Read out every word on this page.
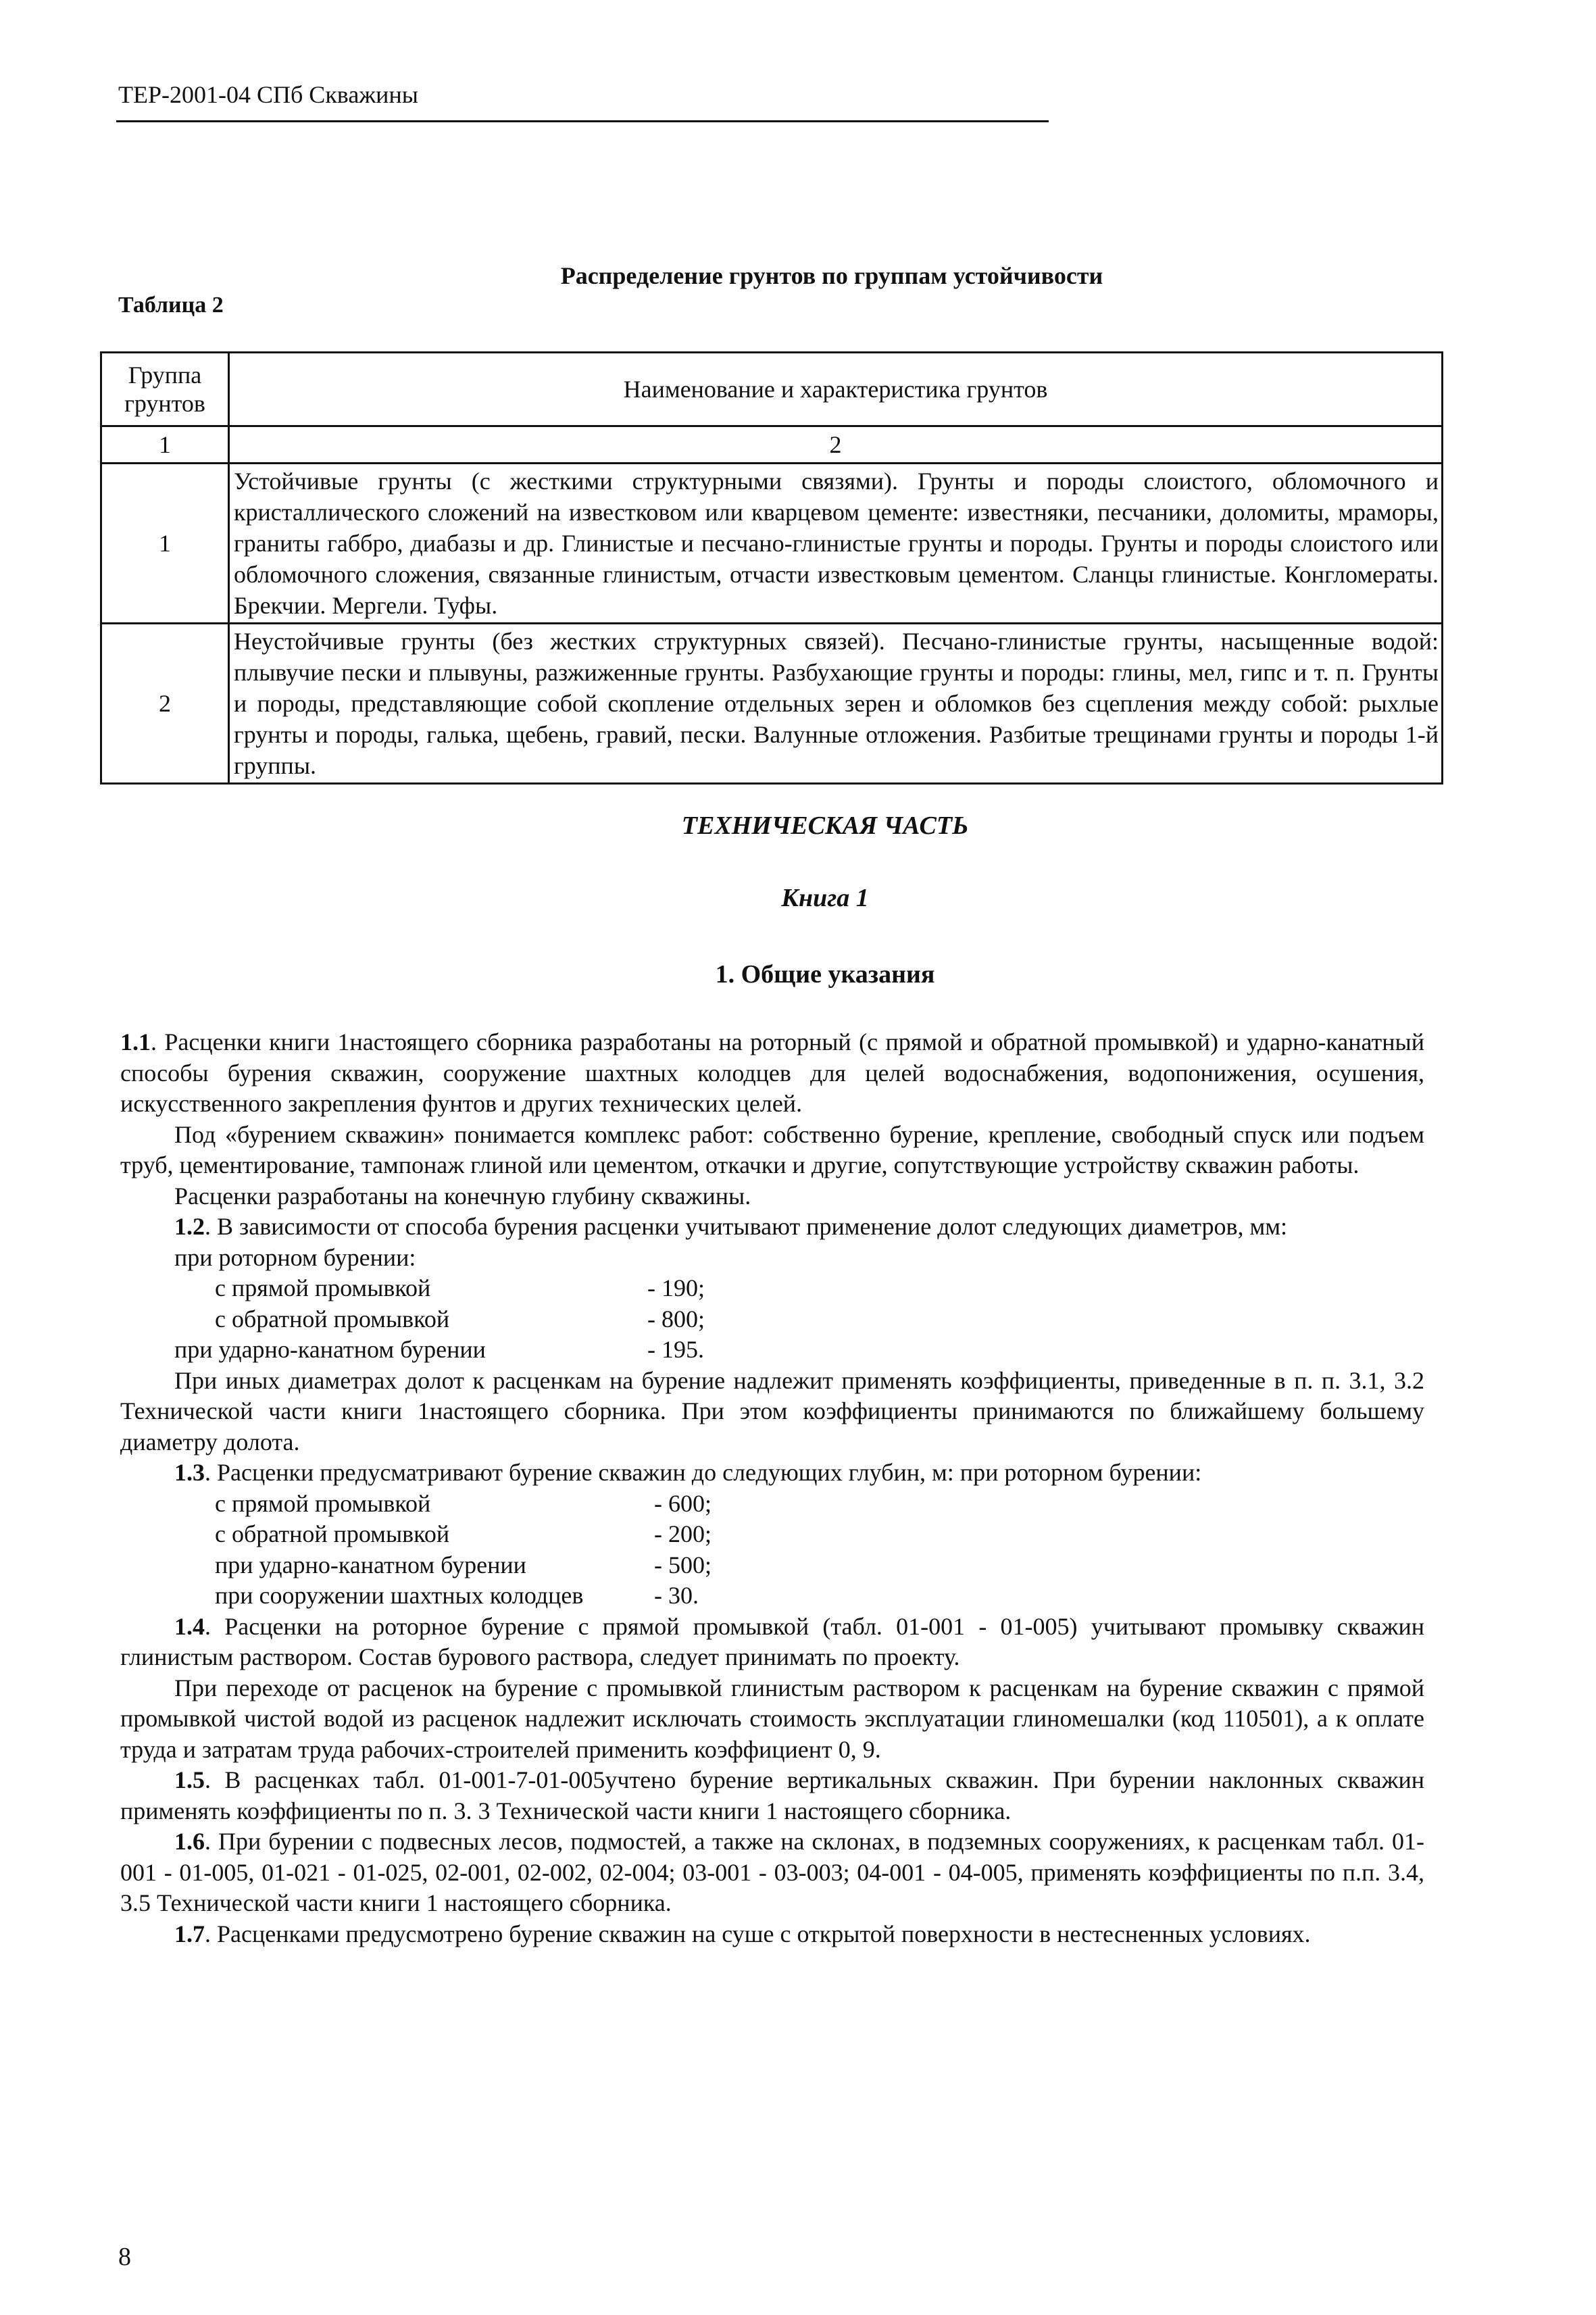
ТЕР-2001-04 СПб Скважины
Распределение грунтов по группам устойчивости
Таблица 2
Группа грунтов	Наименование и характеристика грунтов
1	2
1	Устойчивые грунты (с жесткими структурными связями). Грунты и породы слоистого, обломочного и кристаллического сложений на известковом или кварцевом цементе: известняки, песчаники, доломиты, мраморы, граниты габбро, диабазы и др. Глинистые и песчано-глинистые грунты и породы. Грунты и породы слоистого или обломочного сложения, связанные глинистым, отчасти известковым цементом. Сланцы глинистые. Конгломераты. Брекчии. Мергели. Туфы.
2	Неустойчивые грунты (без жестких структурных связей). Песчано-глинистые грунты, насыщенные водой: плывучие пески и плывуны, разжиженные грунты. Разбухающие грунты и породы: глины, мел, гипс и т. п. Грунты и породы, представляющие собой скопление отдельных зерен и обломков без сцепления между собой: рыхлые грунты и породы, галька, щебень, гравий, пески. Валунные отложения. Разбитые трещинами грунты и породы 1-й группы.
ТЕХНИЧЕСКАЯ ЧАСТЬ
Книга 1
1. Общие указания

1.1. Расценки книги 1настоящего сборника разработаны на роторный (с прямой и обратной промывкой) и ударно-канатный способы бурения скважин, сооружение шахтных колодцев для целей водоснабжения, водопонижения, осушения, искусственного закрепления фунтов и других технических целей.

Под «бурением скважин» понимается комплекс работ: собственно бурение, крепление, свободный спуск или подъем труб, цементирование, тампонаж глиной или цементом, откачки и другие, сопутствующие устройству скважин работы.

Расценки разработаны на конечную глубину скважины.

1.2. В зависимости от способа бурения расценки учитывают применение долот следующих диаметров, мм:

при роторном бурении:
с прямой промывкой	- 190;
с обратной промывкой	- 800;
при ударно-канатном бурении	- 195.

При иных диаметрах долот к расценкам на бурение надлежит применять коэффициенты, приведенные в п. п. 3.1, 3.2 Технической части книги 1настоящего сборника. При этом коэффициенты принимаются по ближайшему большему диаметру долота.

1.3. Расценки предусматривают бурение скважин до следующих глубин, м: при роторном бурении:

с прямой промывкой	- 600;
с обратной промывкой	- 200;
при ударно-канатном бурении	- 500;
при сооружении шахтных колодцев	- 30.

1.4. Расценки на роторное бурение с прямой промывкой (табл. 01-001 - 01-005) учитывают промывку скважин глинистым раствором. Состав бурового раствора, следует принимать по проекту.

При переходе от расценок на бурение с промывкой глинистым раствором к расценкам на бурение скважин с прямой промывкой чистой водой из расценок надлежит исключать стоимость эксплуатации глиномешалки (код 110501), а к оплате труда и затратам труда рабочих-строителей применить коэффициент 0, 9.

1.5. В расценках табл. 01-001-7-01-005учтено бурение вертикальных скважин. При бурении наклонных скважин применять коэффициенты по п. 3. 3 Технической части книги 1 настоящего сборника.

1.6. При бурении с подвесных лесов, подмостей, а также на склонах, в подземных сооружениях, к расценкам табл. 01-001 - 01-005, 01-021 - 01-025, 02-001, 02-002, 02-004; 03-001 - 03-003; 04-001 - 04-005, применять коэффициенты по п.п. 3.4, 3.5 Технической части книги 1 настоящего сборника.

1.7. Расценками предусмотрено бурение скважин на суше с открытой поверхности в нестесненных условиях.

8
